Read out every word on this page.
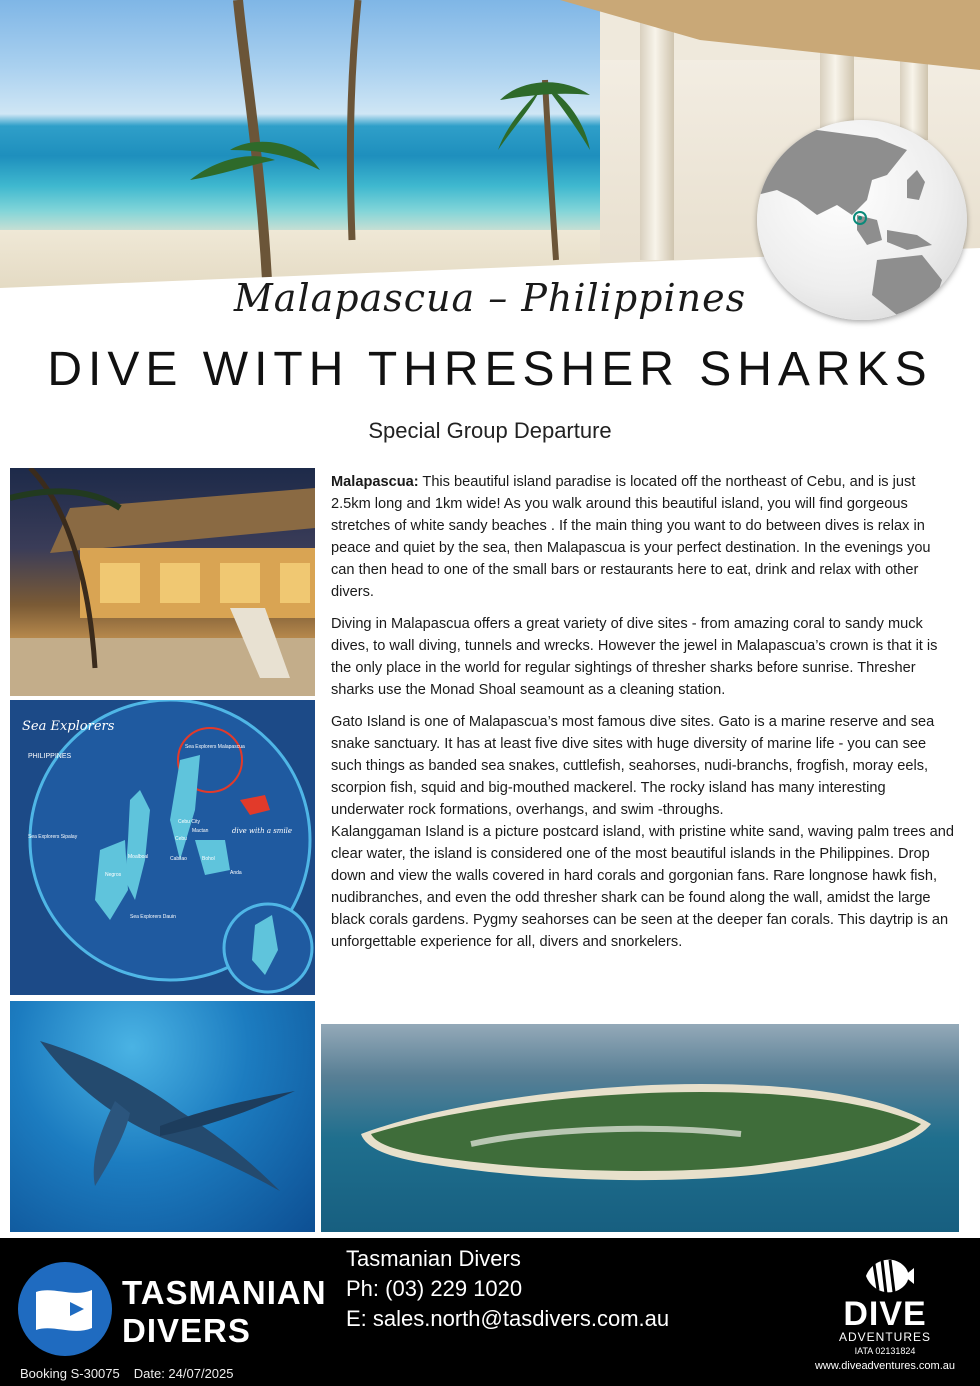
Malapascua – Philippines
DIVE WITH THRESHER SHARKS
Special Group Departure
Sea Explorers
PHILIPPINES
dive with a smile
Sea Explorers Malapascua
Cebu City
Cebu
Mactan
Negros
Cabilao	Bohol
Anda
Moalboal
Sea Explorers Sipalay
Sea Explorers Dauin

Malapascua: This beautiful island paradise is located off the northeast of Cebu, and is just 2.5km long and 1km wide! As you walk around this beautiful island, you will find gorgeous stretches of white sandy beaches . If the main thing you want to do between dives is relax in peace and quiet by the sea, then Malapascua is your perfect destination. In the evenings you can then head to one of the small bars or restaurants here to eat, drink and relax with other divers.

Diving in Malapascua offers a great variety of dive sites - from amazing coral to sandy muck dives, to wall diving, tunnels and wrecks. However the jewel in Malapascua’s crown is that it is the only place in the world for regular sightings of thresher sharks before sunrise. Thresher sharks use the Monad Shoal seamount as a cleaning station.

Gato Island is one of Malapascua’s most famous dive sites. Gato is a marine reserve and sea snake sanctuary. It has at least five dive sites with huge diversity of marine life - you can see such things as banded sea snakes, cuttlefish, seahorses, nudi-branchs, frogfish, moray eels, scorpion fish, squid and big-mouthed mackerel. The rocky island has many interesting underwater rock formations, overhangs, and swim -throughs.

Kalanggaman Island is a picture postcard island, with pristine white sand, waving palm trees and clear water, the island is considered one of the most beautiful islands in the Philippines. Drop down and view the walls covered in hard corals and gorgonian fans. Rare longnose hawk fish, nudibranches, and even the odd thresher shark can be found along the wall, amidst the large black corals gardens. Pygmy seahorses can be seen at the deeper fan corals. This daytrip is an unforgettable experience for all, divers and snorkelers.

TASMANIAN
DIVERS
Tasmanian Divers
Ph: (03) 229 1020
E: sales.north@tasdivers.com.au
Booking S-30075 Date: 24/07/2025
DIVE
ADVENTURES
IATA 02131824
www.diveadventures.com.au
